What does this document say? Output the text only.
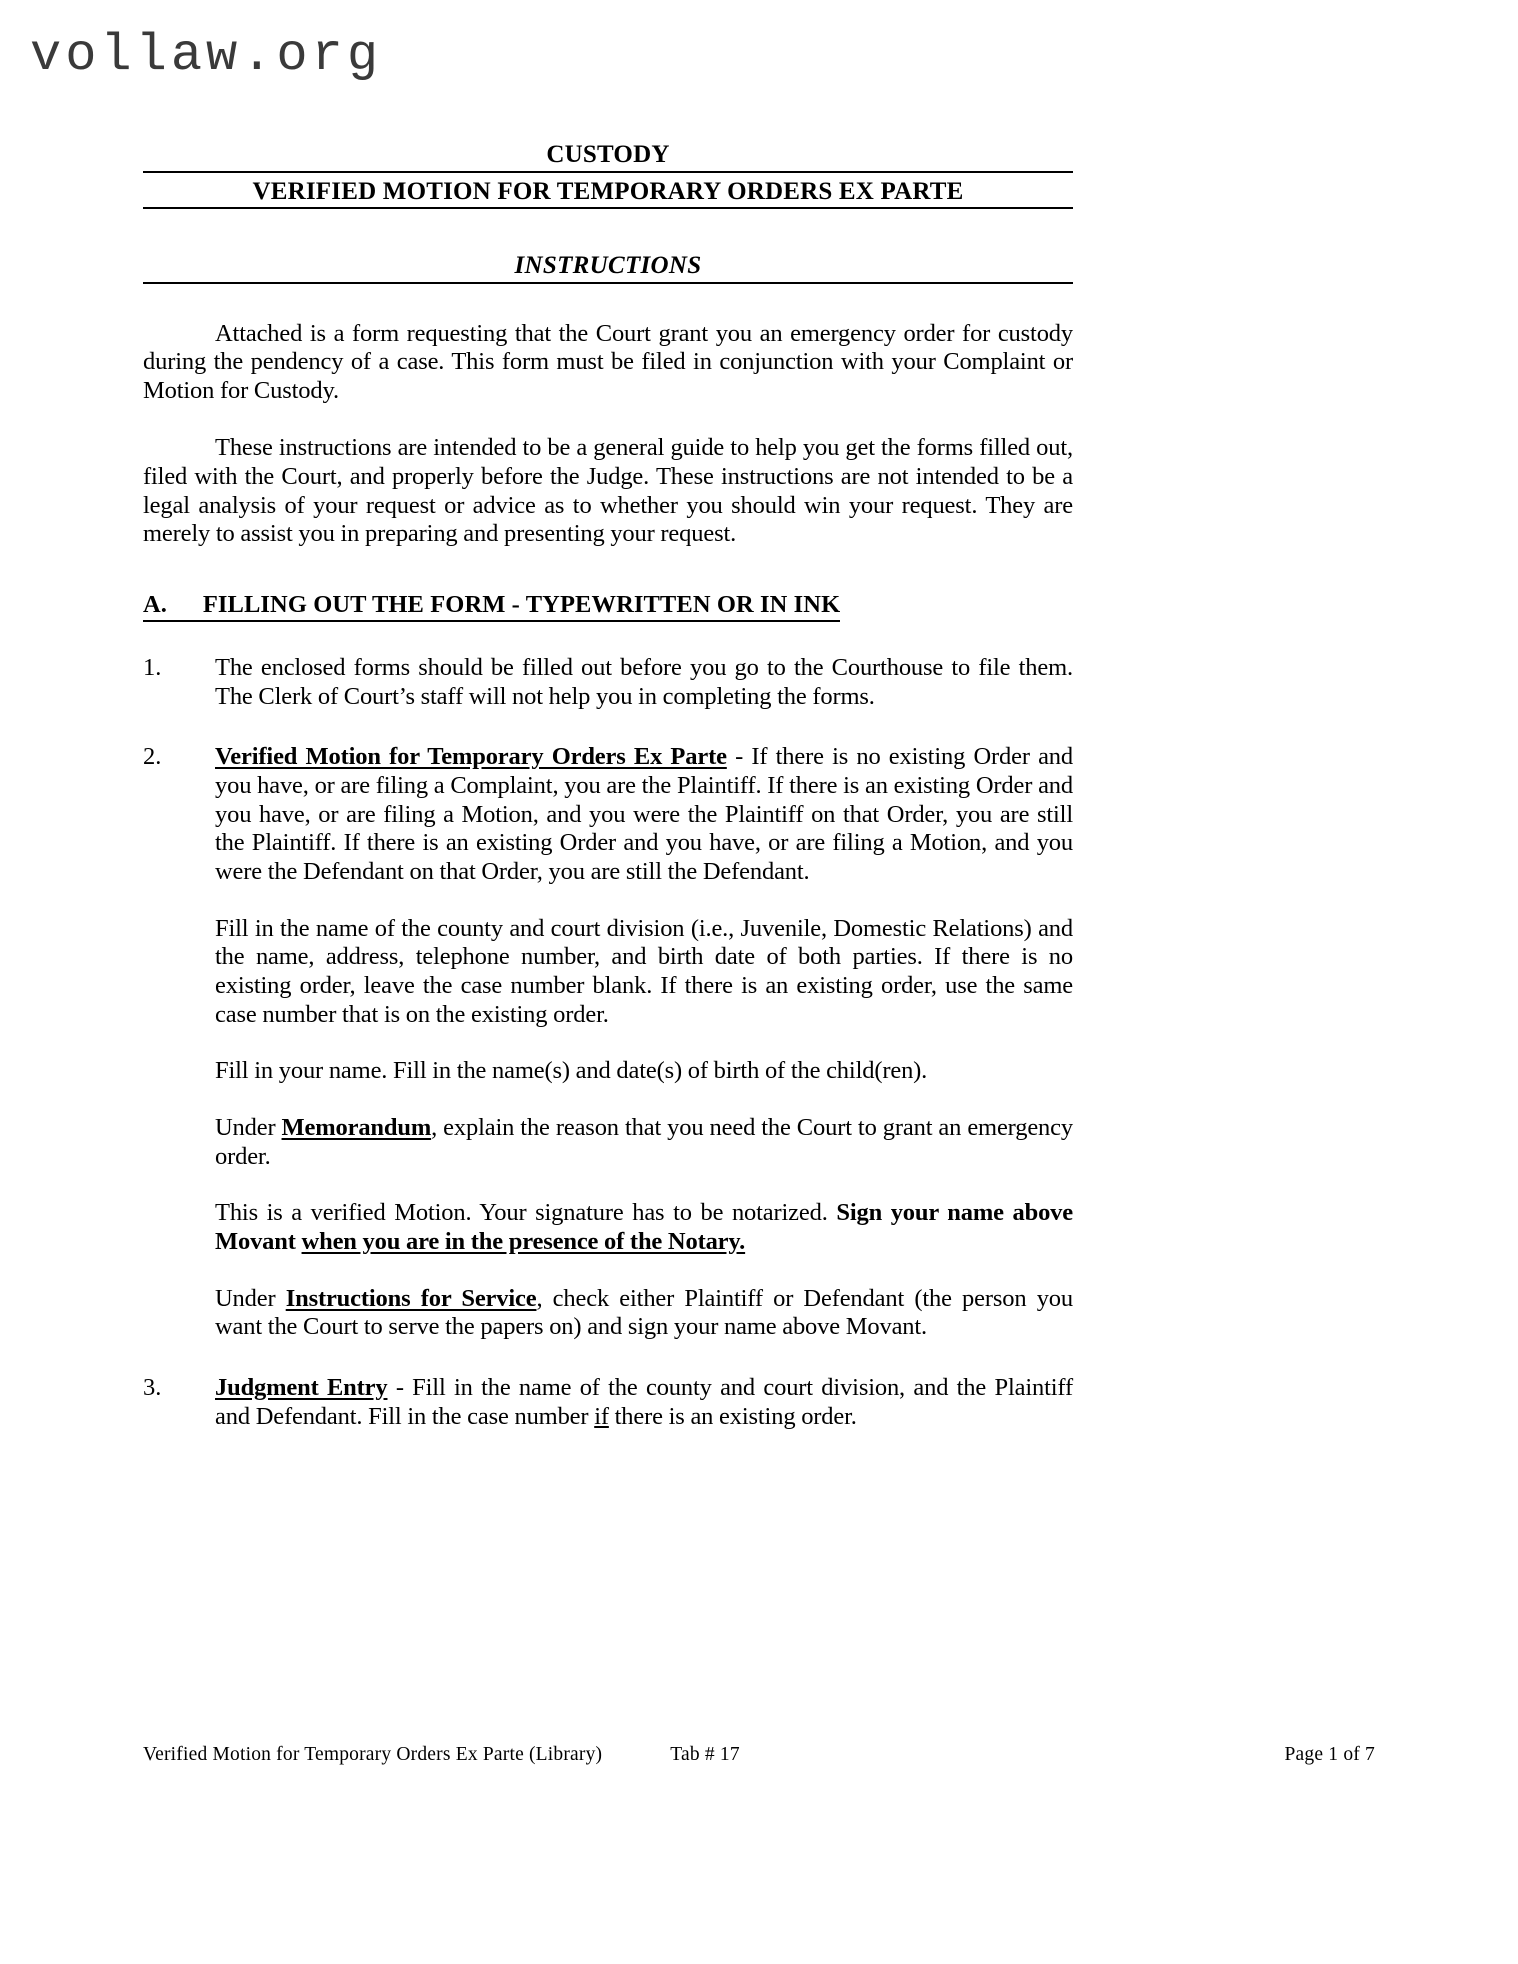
vollaw.org
CUSTODY
VERIFIED MOTION FOR TEMPORARY ORDERS EX PARTE
INSTRUCTIONS

Attached is a form requesting that the Court grant you an emergency order for custody during the pendency of a case. This form must be filed in conjunction with your Complaint or Motion for Custody.

These instructions are intended to be a general guide to help you get the forms filled out, filed with the Court, and properly before the Judge. These instructions are not intended to be a legal analysis of your request or advice as to whether you should win your request. They are merely to assist you in preparing and presenting your request.

A. FILLING OUT THE FORM - TYPEWRITTEN OR IN INK
1.	The enclosed forms should be filled out before you go to the Courthouse to file them. The Clerk of Court’s staff will not help you in completing the forms.

2.	Verified Motion for Temporary Orders Ex Parte - If there is no existing Order and you have, or are filing a Complaint, you are the Plaintiff. If there is an existing Order and you have, or are filing a Motion, and you were the Plaintiff on that Order, you are still the Plaintiff. If there is an existing Order and you have, or are filing a Motion, and you were the Defendant on that Order, you are still the Defendant.

Fill in the name of the county and court division (i.e., Juvenile, Domestic Relations) and the name, address, telephone number, and birth date of both parties. If there is no existing order, leave the case number blank. If there is an existing order, use the same case number that is on the existing order.

Fill in your name. Fill in the name(s) and date(s) of birth of the child(ren).

Under Memorandum, explain the reason that you need the Court to grant an emergency order.

This is a verified Motion. Your signature has to be notarized. Sign your name above Movant when you are in the presence of the Notary.

Under Instructions for Service, check either Plaintiff or Defendant (the person you want the Court to serve the papers on) and sign your name above Movant.

3.	Judgment Entry - Fill in the name of the county and court division, and the Plaintiff and Defendant. Fill in the case number if there is an existing order.

Verified Motion for Temporary Orders Ex Parte (Library)	Tab # 17	Page 1 of 7
